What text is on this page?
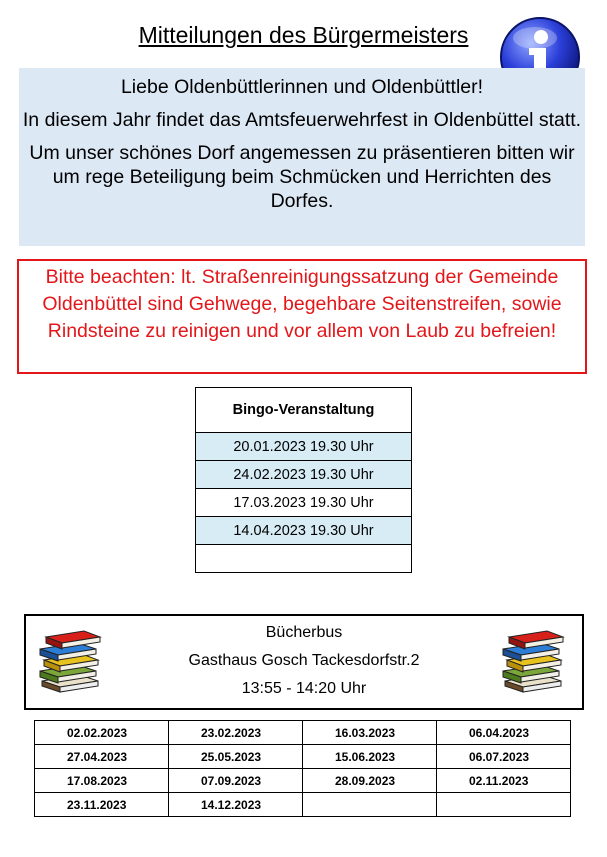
Mitteilungen des Bürgermeisters

Liebe Oldenbüttlerinnen und Oldenbüttler!

In diesem Jahr findet das Amtsfeuerwehrfest in Oldenbüttel statt.

Um unser schönes Dorf angemessen zu präsentieren bitten wir um rege Beteiligung beim Schmücken und Herrichten des Dorfes.

Bitte beachten: lt. Straßenreinigungssatzung der Gemeinde Oldenbüttel sind Gehwege, begehbare Seitenstreifen, sowie Rindsteine zu reinigen und vor allem von Laub zu befreien!
Bingo-Veranstaltung
20.01.2023 19.30 Uhr
24.02.2023 19.30 Uhr
17.03.2023 19.30 Uhr
14.04.2023 19.30 Uhr

Bücherbus
Gasthaus Gosch Tackesdorfstr.2
13:55 - 14:20 Uhr
02.02.2023	23.02.2023	16.03.2023	06.04.2023
27.04.2023	25.05.2023	15.06.2023	06.07.2023
17.08.2023	07.09.2023	28.09.2023	02.11.2023
23.11.2023	14.12.2023		
